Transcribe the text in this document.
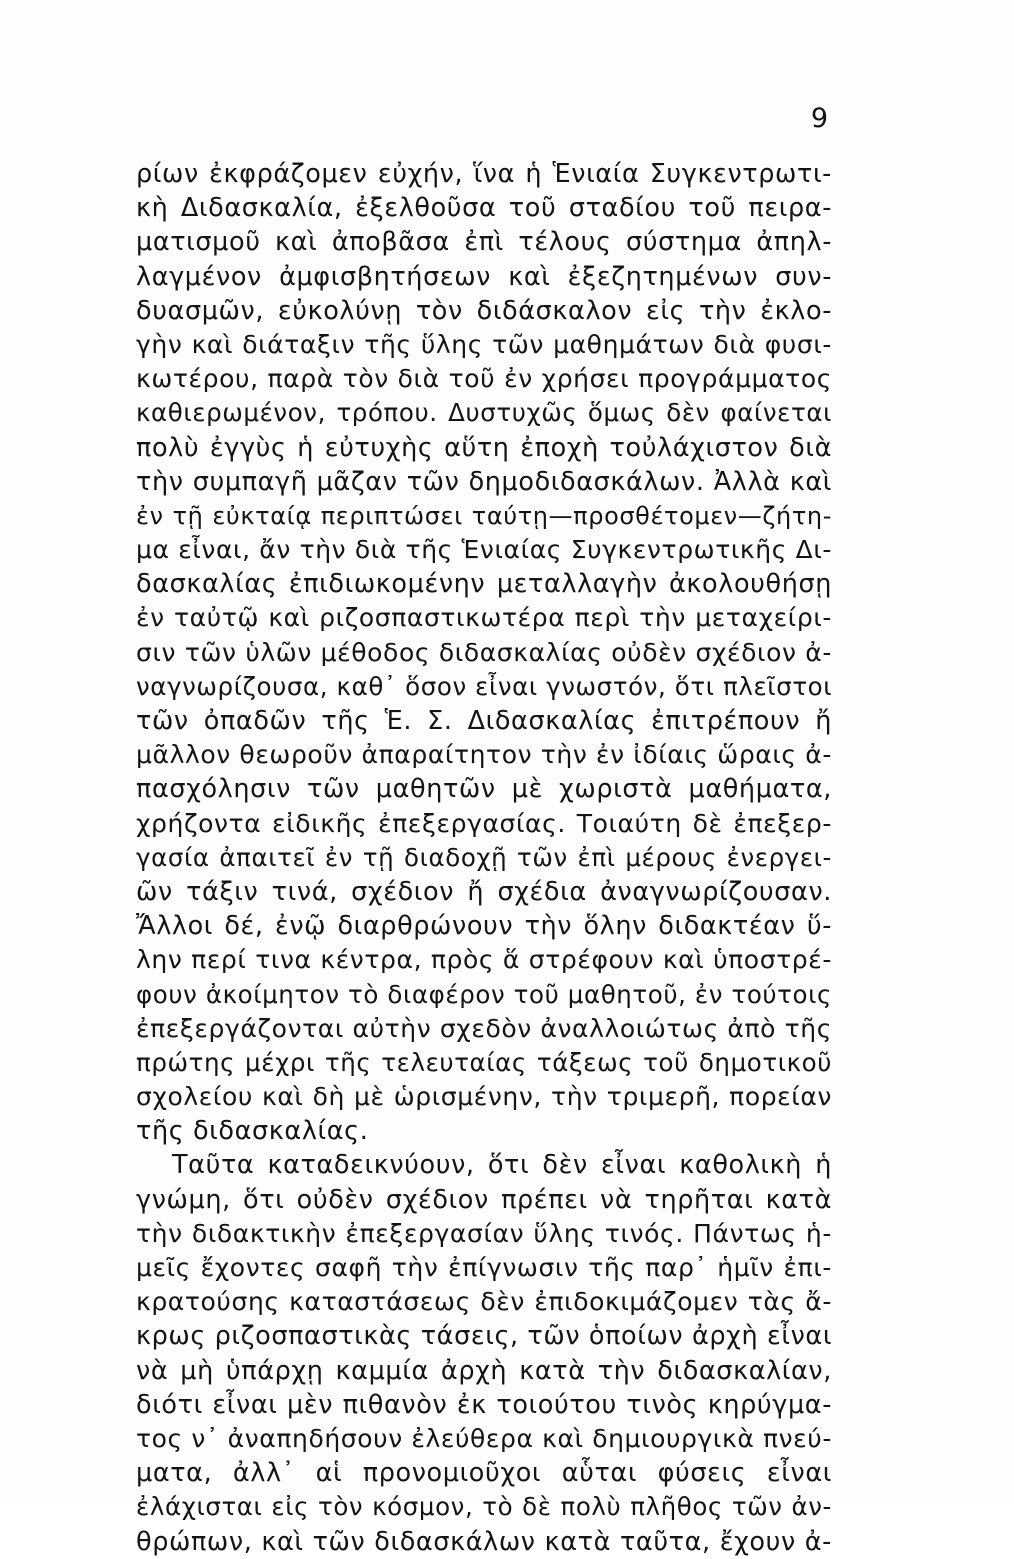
9
ρίων ἐκφράζομεν εὐχήν, ἵνα ἡ Ἑνιαία Συγκεντρωτι-
κὴ Διδασκαλία, ἐξελθοῦσα τοῦ σταδίου τοῦ πειρα-
ματισμοῦ καὶ ἀποβᾶσα ἐπὶ τέλους σύστημα ἀπηλ-
λαγμένον ἀμφισβητήσεων καὶ ἐξεζητημένων συν-
δυασμῶν, εὐκολύνῃ τὸν διδάσκαλον εἰς τὴν ἐκλο-
γὴν καὶ διάταξιν τῆς ὕλης τῶν μαθημάτων διὰ φυσι-
κωτέρου, παρὰ τὸν διὰ τοῦ ἐν χρήσει προγράμματος
καθιερωμένον, τρόπου. Δυστυχῶς ὅμως δὲν φαίνεται
πολὺ ἐγγὺς ἡ εὐτυχὴς αὕτη ἐποχὴ τοὐλάχιστον διὰ
τὴν συμπαγῆ μᾶζαν τῶν δημοδιδασκάλων. Ἀλλὰ καὶ
ἐν τῇ εὐκταίᾳ περιπτώσει ταύτῃ—προσθέτομεν—ζήτη-
μα εἶναι, ἄν τὴν διὰ τῆς Ἑνιαίας Συγκεντρωτικῆς Δι-
δασκαλίας ἐπιδιωκομένην μεταλλαγὴν ἀκολουθήσῃ
ἐν ταὐτῷ καὶ ριζοσπαστικωτέρα περὶ τὴν μεταχείρι-
σιν τῶν ὑλῶν μέθοδος διδασκαλίας οὐδὲν σχέδιον ἀ-
ναγνωρίζουσα, καθ᾽ ὅσον εἶναι γνωστόν, ὅτι πλεῖστοι
τῶν ὀπαδῶν τῆς Ἑ. Σ. Διδασκαλίας ἐπιτρέπουν ἤ
μᾶλλον θεωροῦν ἀπαραίτητον τὴν ἐν ἰδίαις ὥραις ἀ-
πασχόλησιν τῶν μαθητῶν μὲ χωριστὰ μαθήματα,
χρήζοντα εἰδικῆς ἐπεξεργασίας. Τοιαύτη δὲ ἐπεξερ-
γασία ἀπαιτεῖ ἐν τῇ διαδοχῇ τῶν ἐπὶ μέρους ἐνεργει-
ῶν τάξιν τινά, σχέδιον ἤ σχέδια ἀναγνωρίζουσαν.
Ἄλλοι δέ, ἐνῷ διαρθρώνουν τὴν ὅλην διδακτέαν ὕ-
λην περί τινα κέντρα, πρὸς ἅ στρέφουν καὶ ὑποστρέ-
φουν ἀκοίμητον τὸ διαφέρον τοῦ μαθητοῦ, ἐν τούτοις
ἐπεξεργάζονται αὐτὴν σχεδὸν ἀναλλοιώτως ἀπὸ τῆς
πρώτης μέχρι τῆς τελευταίας τάξεως τοῦ δημοτικοῦ
σχολείου καὶ δὴ μὲ ὡρισμένην, τὴν τριμερῆ, πορείαν
τῆς διδασκαλίας.
Ταῦτα καταδεικνύουν, ὅτι δὲν εἶναι καθολικὴ ἡ
γνώμη, ὅτι οὐδὲν σχέδιον πρέπει νὰ τηρῆται κατὰ
τὴν διδακτικὴν ἐπεξεργασίαν ὕλης τινός. Πάντως ἡ-
μεῖς ἔχοντες σαφῆ τὴν ἐπίγνωσιν τῆς παρ᾽ ἡμῖν ἐπι-
κρατούσης καταστάσεως δὲν ἐπιδοκιμάζομεν τὰς ἄ-
κρως ριζοσπαστικὰς τάσεις, τῶν ὁποίων ἀρχὴ εἶναι
νὰ μὴ ὑπάρχῃ καμμία ἀρχὴ κατὰ τὴν διδασκαλίαν,
διότι εἶναι μὲν πιθανὸν ἐκ τοιούτου τινὸς κηρύγμα-
τος ν᾽ ἀναπηδήσουν ἐλεύθερα καὶ δημιουργικὰ πνεύ-
ματα, ἀλλ᾽ αἱ προνομιοῦχοι αὗται φύσεις εἶναι
ἐλάχισται εἰς τὸν κόσμον, τὸ δὲ πολὺ πλῆθος τῶν ἀν-
θρώπων, καὶ τῶν διδασκάλων κατὰ ταῦτα, ἔχουν ἀ-
